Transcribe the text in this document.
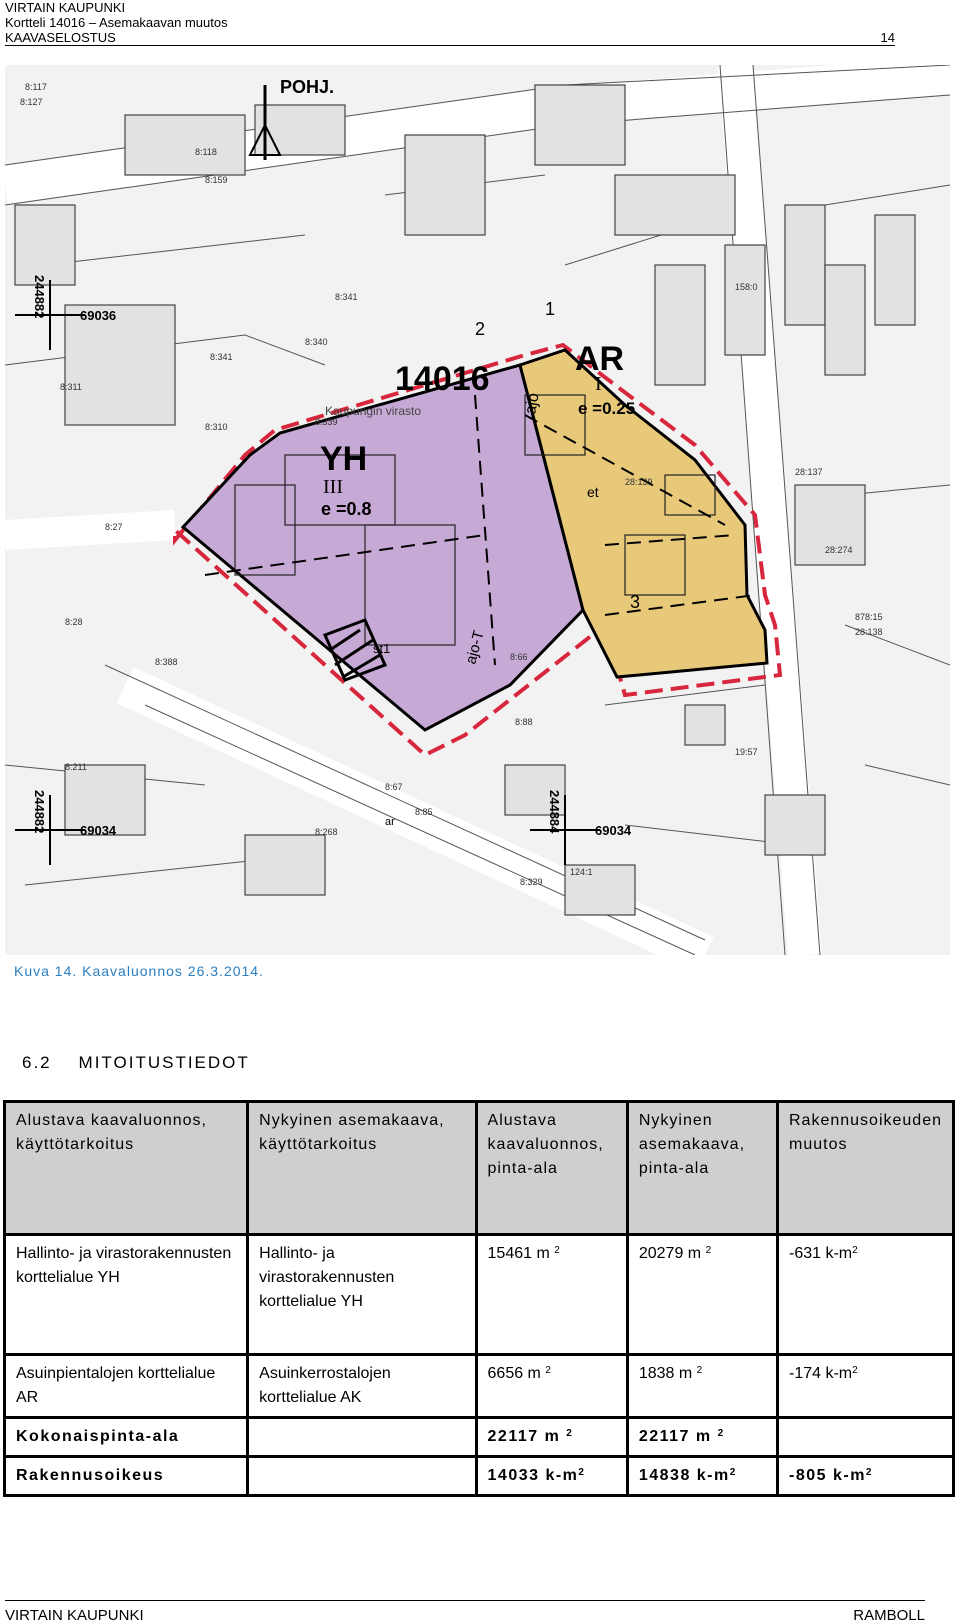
VIRTAIN KAUPUNKI
Kortteli 14016 – Asemakaavan muutos
KAAVASELOSTUS	14
POHJ.
14016
YH
III
e =0.8
AR
I
e =0.25
Kaupungin virasto	ajo
ajo-T
et
st1
1
2
3
244882	69036
244882	69034	244884	69034
ar
8:127
8:117
8:118
8:159
8:341
8:340
8:341
8:311
8:310	8:339
8:27
8:28
8:388	8:66
8:88
8:211
8:268
8:329
28:137
28:139
28:274
878:15
28:138
158:0
8:67
8:85
124:1
19:57
Kuva 14. Kaavaluonnos 26.3.2014.
6.2 MITOITUSTIEDOT
Alustava kaavaluonnos, käyttötarkoitus	Nykyinen asemakaava, käyttötarkoitus	Alustava kaavaluonnos, pinta-ala	Nykyinen asemakaava, pinta-ala	Rakennusoikeuden muutos
Hallinto- ja virastorakennusten korttelialue YH	Hallinto- ja virastorakennusten korttelialue YH	15461 m $^2$	20279 m $^2$	-631 $k-m^2$
Asuinpientalojen korttelialue AR	Asuinkerrostalojen korttelialue AK	6656 m $^2$	1838 m $^2$	-174 $k-m^2$
Kokonaispinta-ala		22117 m $^2$	22117 m $^2$	
Rakennusoikeus		14033 $k-m^2$	14838 $k-m^2$	-805 $k-m^2$
VIRTAIN KAUPUNKI	RAMBOLL
